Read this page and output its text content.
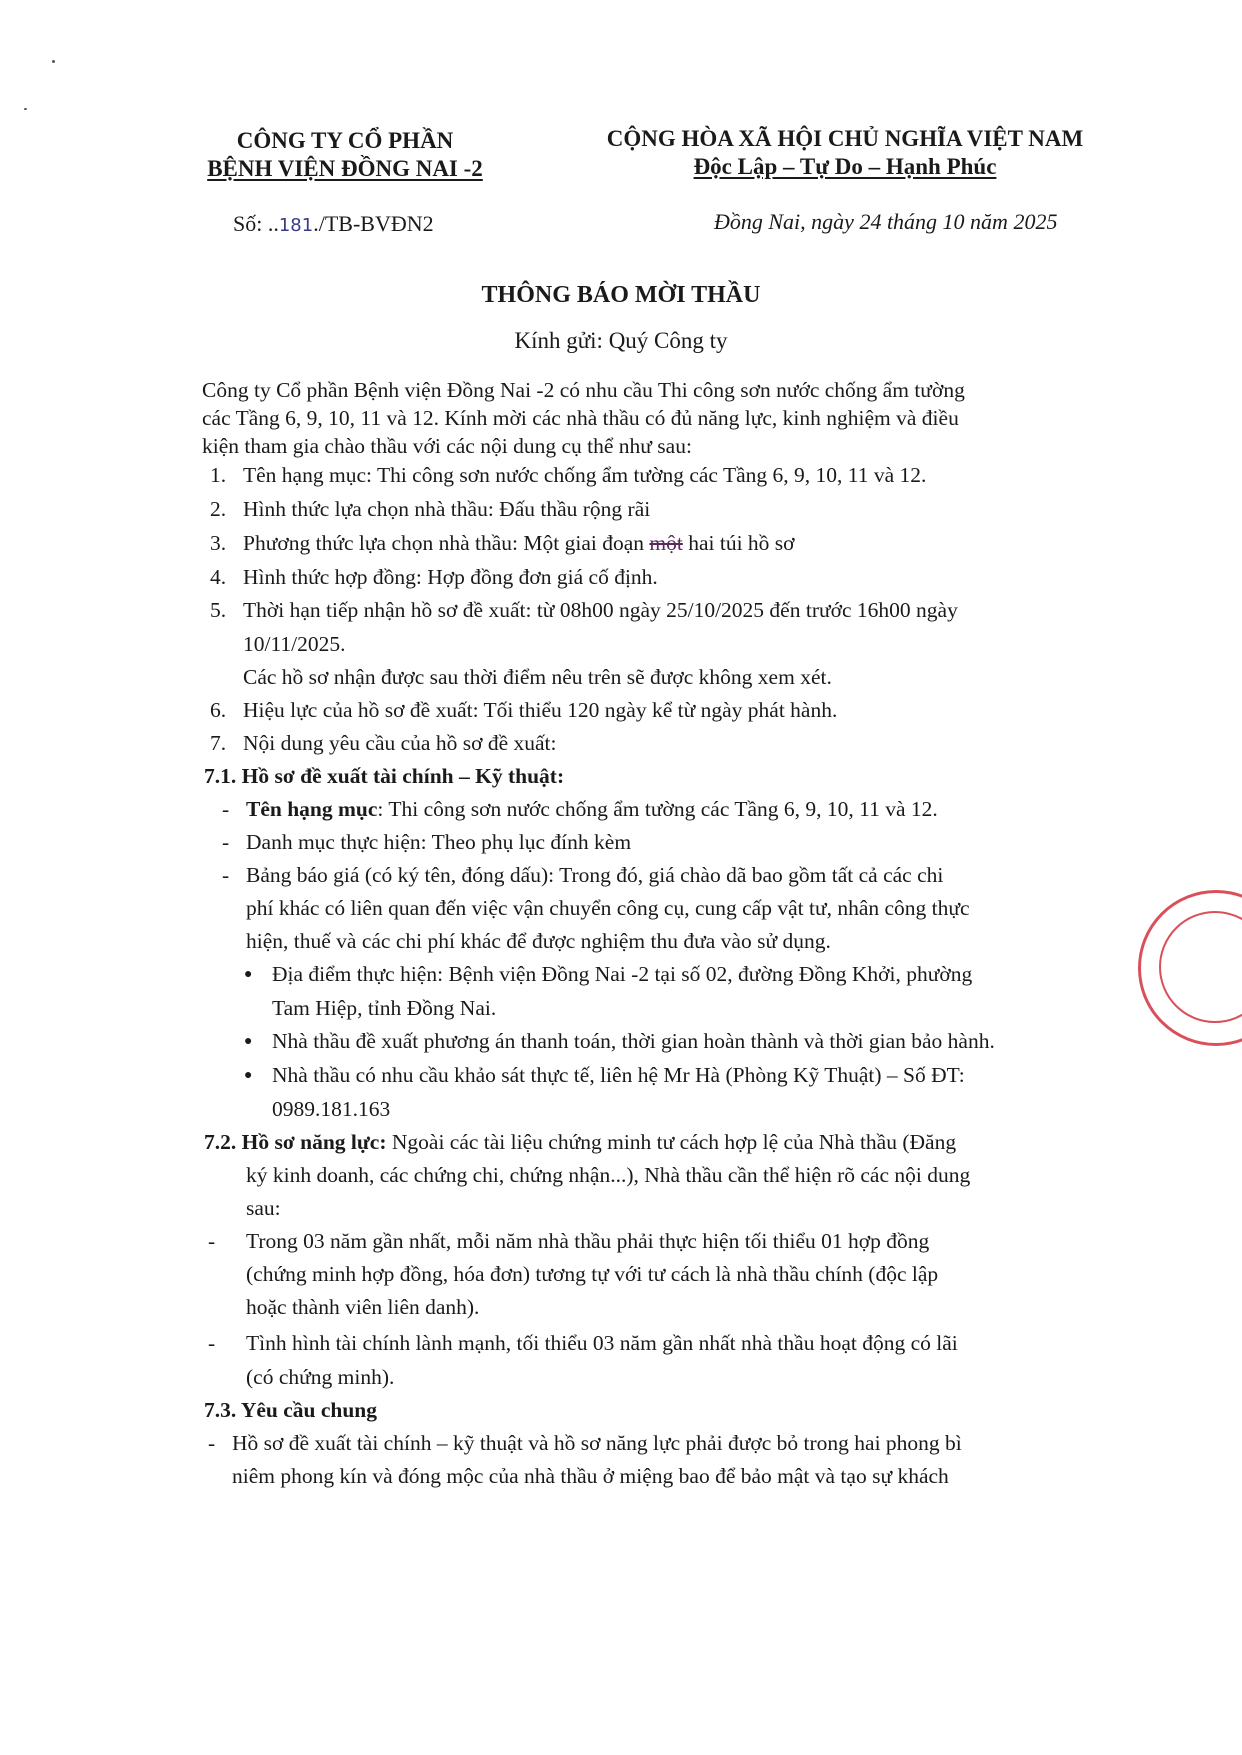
CÔNG TY CỔ PHẦN
BỆNH VIỆN ĐỒNG NAI -2
CỘNG HÒA XÃ HỘI CHỦ NGHĨA VIỆT NAM
Độc Lập – Tự Do – Hạnh Phúc
Số: ..181./TB-BVĐN2	Đồng Nai, ngày 24 tháng 10 năm 2025
THÔNG BÁO MỜI THẦU
Kính gửi: Quý Công ty
Công ty Cổ phần Bệnh viện Đồng Nai -2 có nhu cầu Thi công sơn nước chống ẩm tường
các Tầng 6, 9, 10, 11 và 12. Kính mời các nhà thầu có đủ năng lực, kinh nghiệm và điều
kiện tham gia chào thầu với các nội dung cụ thể như sau:
1. Tên hạng mục: Thi công sơn nước chống ẩm tường các Tầng 6, 9, 10, 11 và 12.
2. Hình thức lựa chọn nhà thầu: Đấu thầu rộng rãi
3. Phương thức lựa chọn nhà thầu: Một giai đoạn một hai túi hồ sơ
4. Hình thức hợp đồng: Hợp đồng đơn giá cố định.
5. Thời hạn tiếp nhận hồ sơ đề xuất: từ 08h00 ngày 25/10/2025 đến trước 16h00 ngày
10/11/2025.
Các hồ sơ nhận được sau thời điểm nêu trên sẽ được không xem xét.
6. Hiệu lực của hồ sơ đề xuất: Tối thiểu 120 ngày kể từ ngày phát hành.
7. Nội dung yêu cầu của hồ sơ đề xuất:
7.1. Hồ sơ đề xuất tài chính – Kỹ thuật:
- Tên hạng mục: Thi công sơn nước chống ẩm tường các Tầng 6, 9, 10, 11 và 12.
- Danh mục thực hiện: Theo phụ lục đính kèm
- Bảng báo giá (có ký tên, đóng dấu): Trong đó, giá chào dã bao gồm tất cả các chi
phí khác có liên quan đến việc vận chuyển công cụ, cung cấp vật tư, nhân công thực
hiện, thuế và các chi phí khác để được nghiệm thu đưa vào sử dụng.
● Địa điểm thực hiện: Bệnh viện Đồng Nai -2 tại số 02, đường Đồng Khởi, phường
Tam Hiệp, tỉnh Đồng Nai.
● Nhà thầu đề xuất phương án thanh toán, thời gian hoàn thành và thời gian bảo hành.
● Nhà thầu có nhu cầu khảo sát thực tế, liên hệ Mr Hà (Phòng Kỹ Thuật) – Số ĐT:
0989.181.163
7.2. Hồ sơ năng lực: Ngoài các tài liệu chứng minh tư cách hợp lệ của Nhà thầu (Đăng
ký kinh doanh, các chứng chi, chứng nhận...), Nhà thầu cần thể hiện rõ các nội dung
sau:
- Trong 03 năm gần nhất, mỗi năm nhà thầu phải thực hiện tối thiểu 01 hợp đồng
(chứng minh hợp đồng, hóa đơn) tương tự với tư cách là nhà thầu chính (độc lập
hoặc thành viên liên danh).
- Tình hình tài chính lành mạnh, tối thiểu 03 năm gần nhất nhà thầu hoạt động có lãi
(có chứng minh).
7.3. Yêu cầu chung
- Hồ sơ đề xuất tài chính – kỹ thuật và hồ sơ năng lực phải được bỏ trong hai phong bì
niêm phong kín và đóng mộc của nhà thầu ở miệng bao để bảo mật và tạo sự khách
